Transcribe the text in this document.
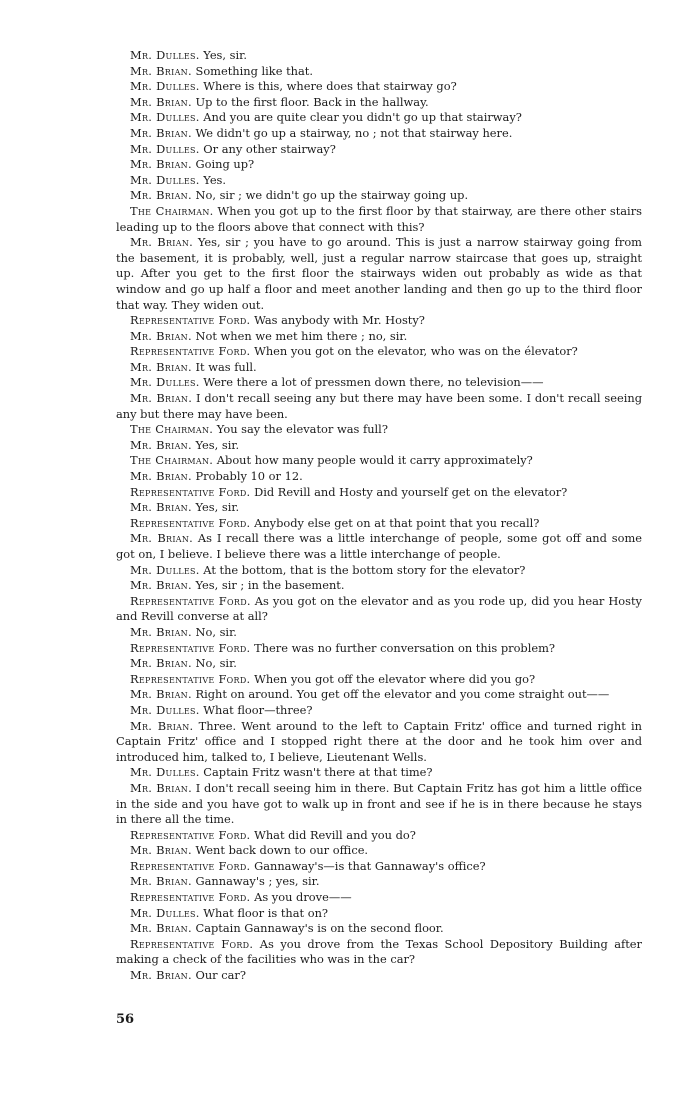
Mr. Dulles. Yes, sir.

Mr. Brian. Something like that.

Mr. Dulles. Where is this, where does that stairway go?

Mr. Brian. Up to the first floor. Back in the hallway.

Mr. Dulles. And you are quite clear you didn't go up that stairway?

Mr. Brian. We didn't go up a stairway, no ; not that stairway here.

Mr. Dulles. Or any other stairway?

Mr. Brian. Going up?

Mr. Dulles. Yes.

Mr. Brian. No, sir ; we didn't go up the stairway going up.

The Chairman. When you got up to the first floor by that stairway, are there other stairs leading up to the floors above that connect with this?

Mr. Brian. Yes, sir ; you have to go around. This is just a narrow stairway going from the basement, it is probably, well, just a regular narrow staircase that goes up, straight up. After you get to the first floor the stairways widen out probably as wide as that window and go up half a floor and meet another landing and then go up to the third floor that way. They widen out.

Representative Ford. Was anybody with Mr. Hosty?

Mr. Brian. Not when we met him there ; no, sir.

Representative Ford. When you got on the elevator, who was on the élevator?

Mr. Brian. It was full.

Mr. Dulles. Were there a lot of pressmen down there, no television——

Mr. Brian. I don't recall seeing any but there may have been some. I don't recall seeing any but there may have been.

The Chairman. You say the elevator was full?

Mr. Brian. Yes, sir.

The Chairman. About how many people would it carry approximately?

Mr. Brian. Probably 10 or 12.

Representative Ford. Did Revill and Hosty and yourself get on the elevator?

Mr. Brian. Yes, sir.

Representative Ford. Anybody else get on at that point that you recall?

Mr. Brian. As I recall there was a little interchange of people, some got off and some got on, I believe. I believe there was a little interchange of people.

Mr. Dulles. At the bottom, that is the bottom story for the elevator?

Mr. Brian. Yes, sir ; in the basement.

Representative Ford. As you got on the elevator and as you rode up, did you hear Hosty and Revill converse at all?

Mr. Brian. No, sir.

Representative Ford. There was no further conversation on this problem?

Mr. Brian. No, sir.

Representative Ford. When you got off the elevator where did you go?

Mr. Brian. Right on around. You get off the elevator and you come straight out——

Mr. Dulles. What floor—three?

Mr. Brian. Three. Went around to the left to Captain Fritz' office and turned right in Captain Fritz' office and I stopped right there at the door and he took him over and introduced him, talked to, I believe, Lieutenant Wells.

Mr. Dulles. Captain Fritz wasn't there at that time?

Mr. Brian. I don't recall seeing him in there. But Captain Fritz has got him a little office in the side and you have got to walk up in front and see if he is in there because he stays in there all the time.

Representative Ford. What did Revill and you do?

Mr. Brian. Went back down to our office.

Representative Ford. Gannaway's—is that Gannaway's office?

Mr. Brian. Gannaway's ; yes, sir.

Representative Ford. As you drove——

Mr. Dulles. What floor is that on?

Mr. Brian. Captain Gannaway's is on the second floor.

Representative Ford. As you drove from the Texas School Depository Building after making a check of the facilities who was in the car?

Mr. Brian. Our car?

56
